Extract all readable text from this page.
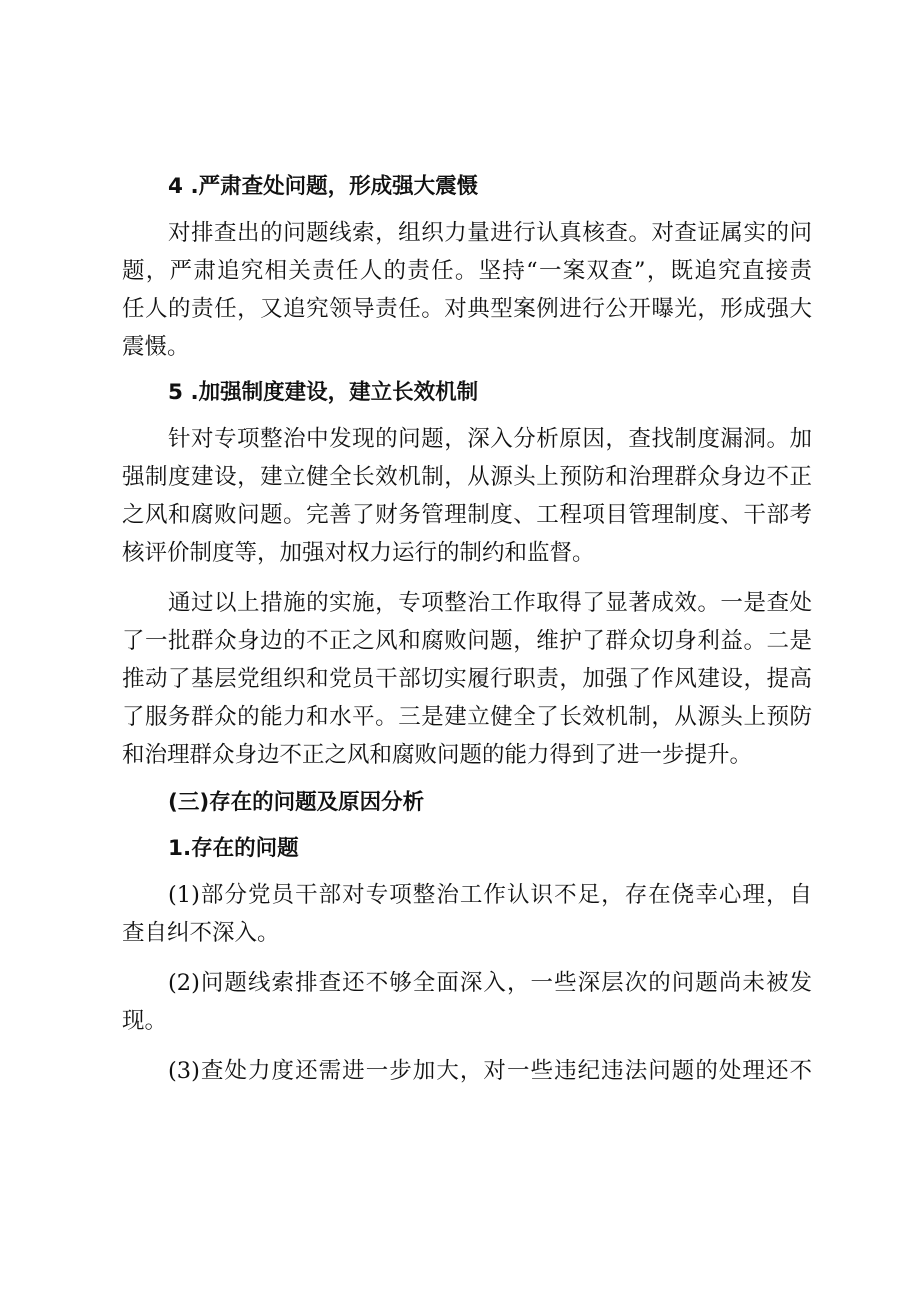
4 .严肃查处问题，形成强大震慑
对排查出的问题线索，组织力量进行认真核查。对查证属实的问
题，严肃追究相关责任人的责任。坚持“一案双查”，既追究直接责
任人的责任，又追究领导责任。对典型案例进行公开曝光，形成强大
震慑。
5 .加强制度建设，建立长效机制
针对专项整治中发现的问题，深入分析原因，查找制度漏洞。加
强制度建设，建立健全长效机制，从源头上预防和治理群众身边不正
之风和腐败问题。完善了财务管理制度、工程项目管理制度、干部考
核评价制度等，加强对权力运行的制约和监督。
通过以上措施的实施，专项整治工作取得了显著成效。一是查处
了一批群众身边的不正之风和腐败问题，维护了群众切身利益。二是
推动了基层党组织和党员干部切实履行职责，加强了作风建设，提高
了服务群众的能力和水平。三是建立健全了长效机制，从源头上预防
和治理群众身边不正之风和腐败问题的能力得到了进一步提升。
(三)存在的问题及原因分析
1.存在的问题
(1)部分党员干部对专项整治工作认识不足，存在侥幸心理，自
查自纠不深入。
(2)问题线索排查还不够全面深入，一些深层次的问题尚未被发
现。
(3)查处力度还需进一步加大，对一些违纪违法问题的处理还不
